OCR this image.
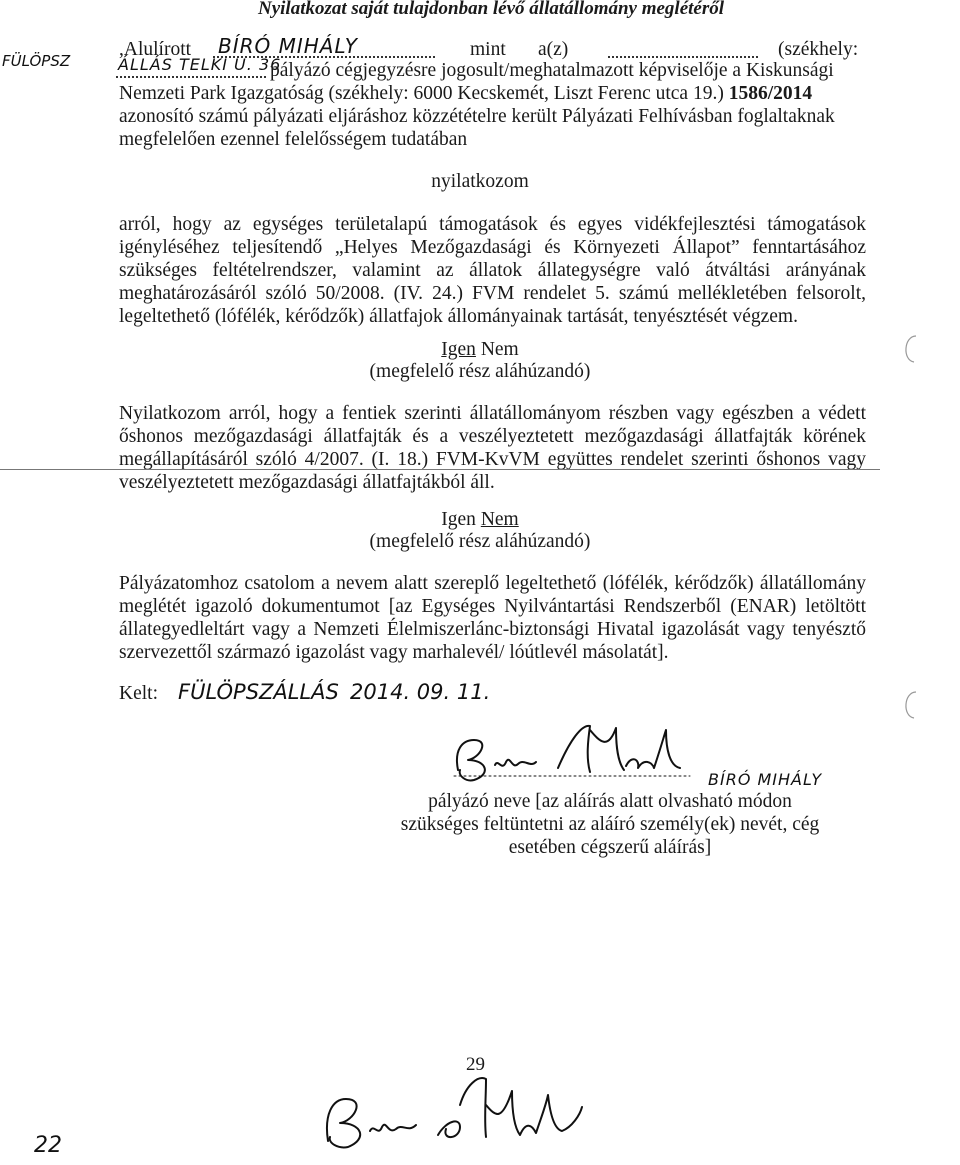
Nyilatkozat saját tulajdonban lévő állatállomány meglétéről
,Alulírott BÍRÓ MIHÁLY	mint a(z)	(székhely:
FÜLÖPSZ	ÁLLÁS TELKI U. 36
pályázó cégjegyzésre jogosult/meghatalmazott képviselője a Kiskunsági
Nemzeti Park Igazgatóság (székhely: 6000 Kecskemét, Liszt Ferenc utca 19.) 1586/2014
azonosító számú pályázati eljáráshoz közzétételre került Pályázati Felhívásban foglaltaknak
megfelelően ezennel felelősségem tudatában
nyilatkozom
arról, hogy az egységes területalapú támogatások és egyes vidékfejlesztési támogatások
igényléséhez teljesítendő „Helyes Mezőgazdasági és Környezeti Állapot” fenntartásához
szükséges feltételrendszer, valamint az állatok állategységre való átváltási arányának
meghatározásáról szóló 50/2008. (IV. 24.) FVM rendelet 5. számú mellékletében felsorolt,
legeltethető (lófélék, kérődzők) állatfajok állományainak tartását, tenyésztését végzem.
Igen Nem
(megfelelő rész aláhúzandó)
Nyilatkozom arról, hogy a fentiek szerinti állatállományom részben vagy egészben a védett
őshonos mezőgazdasági állatfajták és a veszélyeztetett mezőgazdasági állatfajták körének
megállapításáról szóló 4/2007. (I. 18.) FVM-KvVM együttes rendelet szerinti őshonos vagy
veszélyeztetett mezőgazdasági állatfajtákból áll.
Igen Nem
(megfelelő rész aláhúzandó)
Pályázatomhoz csatolom a nevem alatt szereplő legeltethető (lófélék, kérődzők) állatállomány
meglétét igazoló dokumentumot [az Egységes Nyilvántartási Rendszerből (ENAR) letöltött
állategyedleltárt vagy a Nemzeti Élelmiszerlánc-biztonsági Hivatal igazolását vagy tenyésztő
szervezettől származó igazolást vagy marhalevél/ lóútlevél másolatát].
Kelt: FÜLÖPSZÁLLÁS 2014. 09. 11.
BÍRÓ MIHÁLY
pályázó neve [az aláírás alatt olvasható módon
szükséges feltüntetni az aláíró személy(ek) nevét, cég
esetében cégszerű aláírás]
29
22
